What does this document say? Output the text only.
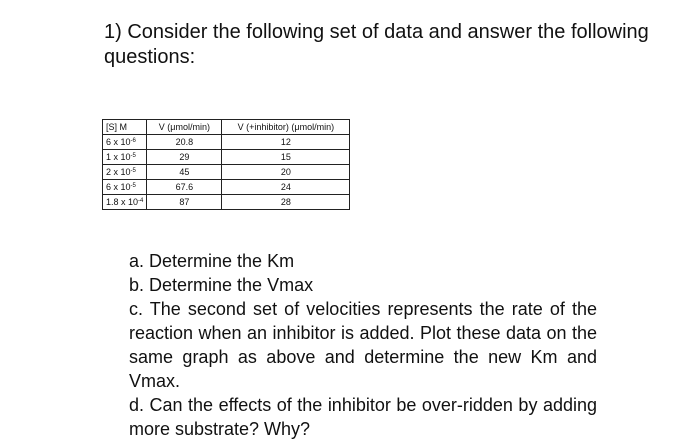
1) Consider the following set of data and answer the following questions:
[S] M	V (μmol/min)	V (+inhibitor) (μmol/min)
6 x $10^{-6}$	20.8	12
1 x $10^{-5}$	29	15
2 x $10^{-5}$	45	20
6 x $10^{-5}$	67.6	24
1.8 x $10^{-4}$	87	28
a. Determine the Km
b. Determine the Vmax
c. The second set of velocities represents the rate of the reaction when an inhibitor is added. Plot these data on the same graph as above and determine the new Km and Vmax.
d. Can the effects of the inhibitor be over-ridden by adding more substrate? Why?
